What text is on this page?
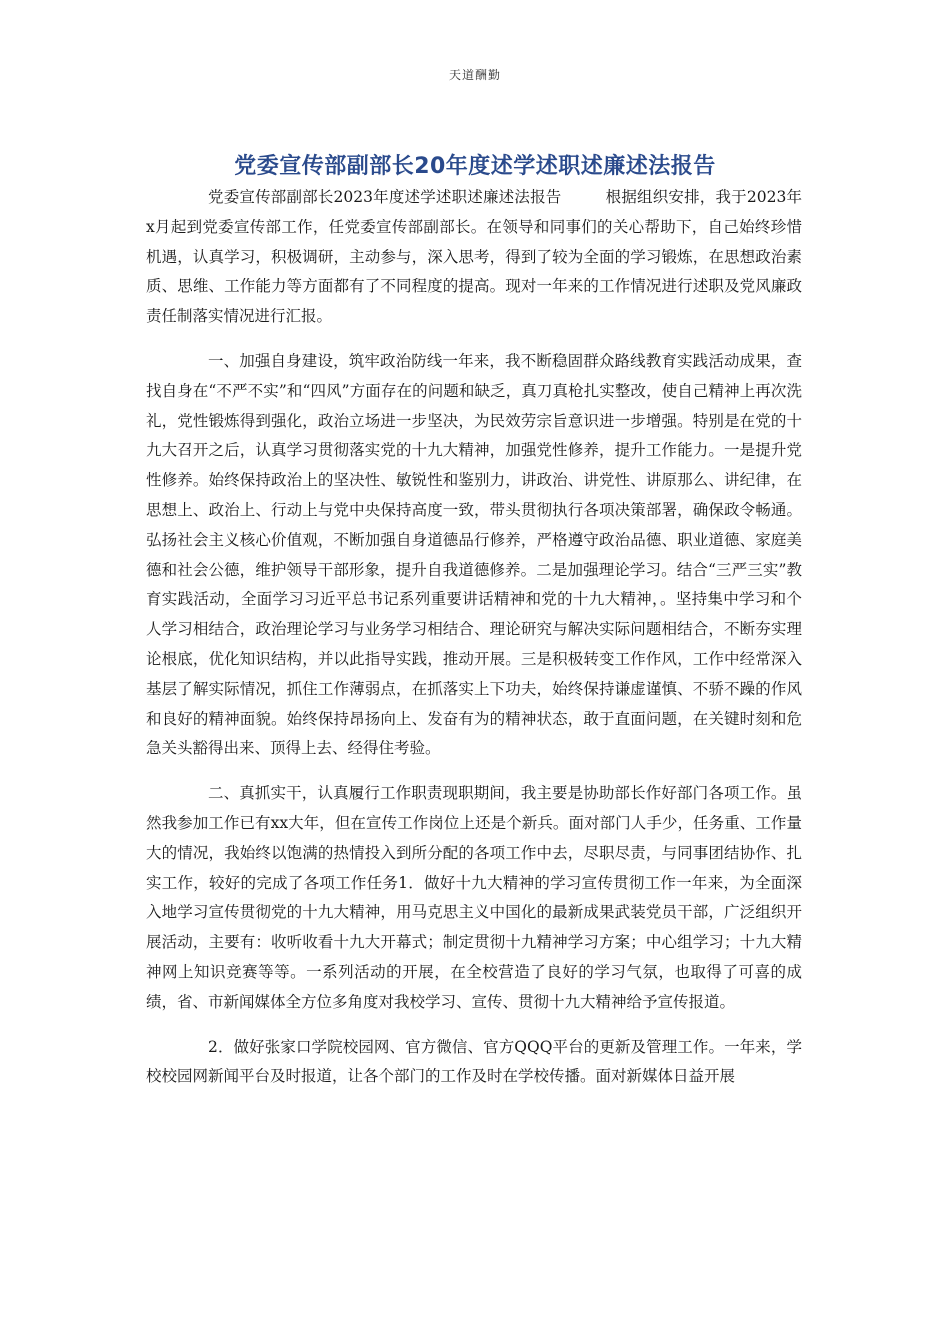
天道酬勤
党委宣传部副部长20年度述学述职述廉述法报告

党委宣传部副部长2023年度述学述职述廉述法报告	根据组织安排，我于2023年x月起到党委宣传部工作，任党委宣传部副部长。在领导和同事们的关心帮助下，自己始终珍惜机遇，认真学习，积极调研，主动参与，深入思考，得到了较为全面的学习锻炼，在思想政治素质、思维、工作能力等方面都有了不同程度的提高。现对一年来的工作情况进行述职及党风廉政责任制落实情况进行汇报。

一、加强自身建设，筑牢政治防线一年来，我不断稳固群众路线教育实践活动成果，查找自身在“不严不实”和“四风”方面存在的问题和缺乏，真刀真枪扎实整改，使自己精神上再次洗礼，党性锻炼得到强化，政治立场进一步坚决，为民效劳宗旨意识进一步增强。特别是在党的十九大召开之后，认真学习贯彻落实党的十九大精神，加强党性修养，提升工作能力。一是提升党性修养。始终保持政治上的坚决性、敏锐性和鉴别力，讲政治、讲党性、讲原那么、讲纪律，在思想上、政治上、行动上与党中央保持高度一致，带头贯彻执行各项决策部署，确保政令畅通。弘扬社会主义核心价值观，不断加强自身道德品行修养，严格遵守政治品德、职业道德、家庭美德和社会公德，维护领导干部形象，提升自我道德修养。二是加强理论学习。结合“三严三实”教育实践活动，全面学习习近平总书记系列重要讲话精神和党的十九大精神，。坚持集中学习和个人学习相结合，政治理论学习与业务学习相结合、理论研究与解决实际问题相结合，不断夯实理论根底，优化知识结构，并以此指导实践，推动开展。三是积极转变工作作风，工作中经常深入基层了解实际情况，抓住工作薄弱点，在抓落实上下功夫，始终保持谦虚谨慎、不骄不躁的作风和良好的精神面貌。始终保持昂扬向上、发奋有为的精神状态，敢于直面问题，在关键时刻和危急关头豁得出来、顶得上去、经得住考验。

二、真抓实干，认真履行工作职责现职期间，我主要是协助部长作好部门各项工作。虽然我参加工作已有xx大年，但在宣传工作岗位上还是个新兵。面对部门人手少，任务重、工作量大的情况，我始终以饱满的热情投入到所分配的各项工作中去，尽职尽责，与同事团结协作、扎实工作，较好的完成了各项工作任务1．做好十九大精神的学习宣传贯彻工作一年来，为全面深入地学习宣传贯彻党的十九大精神，用马克思主义中国化的最新成果武装党员干部，广泛组织开展活动，主要有：收听收看十九大开幕式；制定贯彻十九精神学习方案；中心组学习；十九大精神网上知识竞赛等等。一系列活动的开展，在全校营造了良好的学习气氛，也取得了可喜的成绩，省、市新闻媒体全方位多角度对我校学习、宣传、贯彻十九大精神给予宣传报道。

2．做好张家口学院校园网、官方微信、官方QQQ平台的更新及管理工作。一年来，学校校园网新闻平台及时报道，让各个部门的工作及时在学校传播。面对新媒体日益开展
